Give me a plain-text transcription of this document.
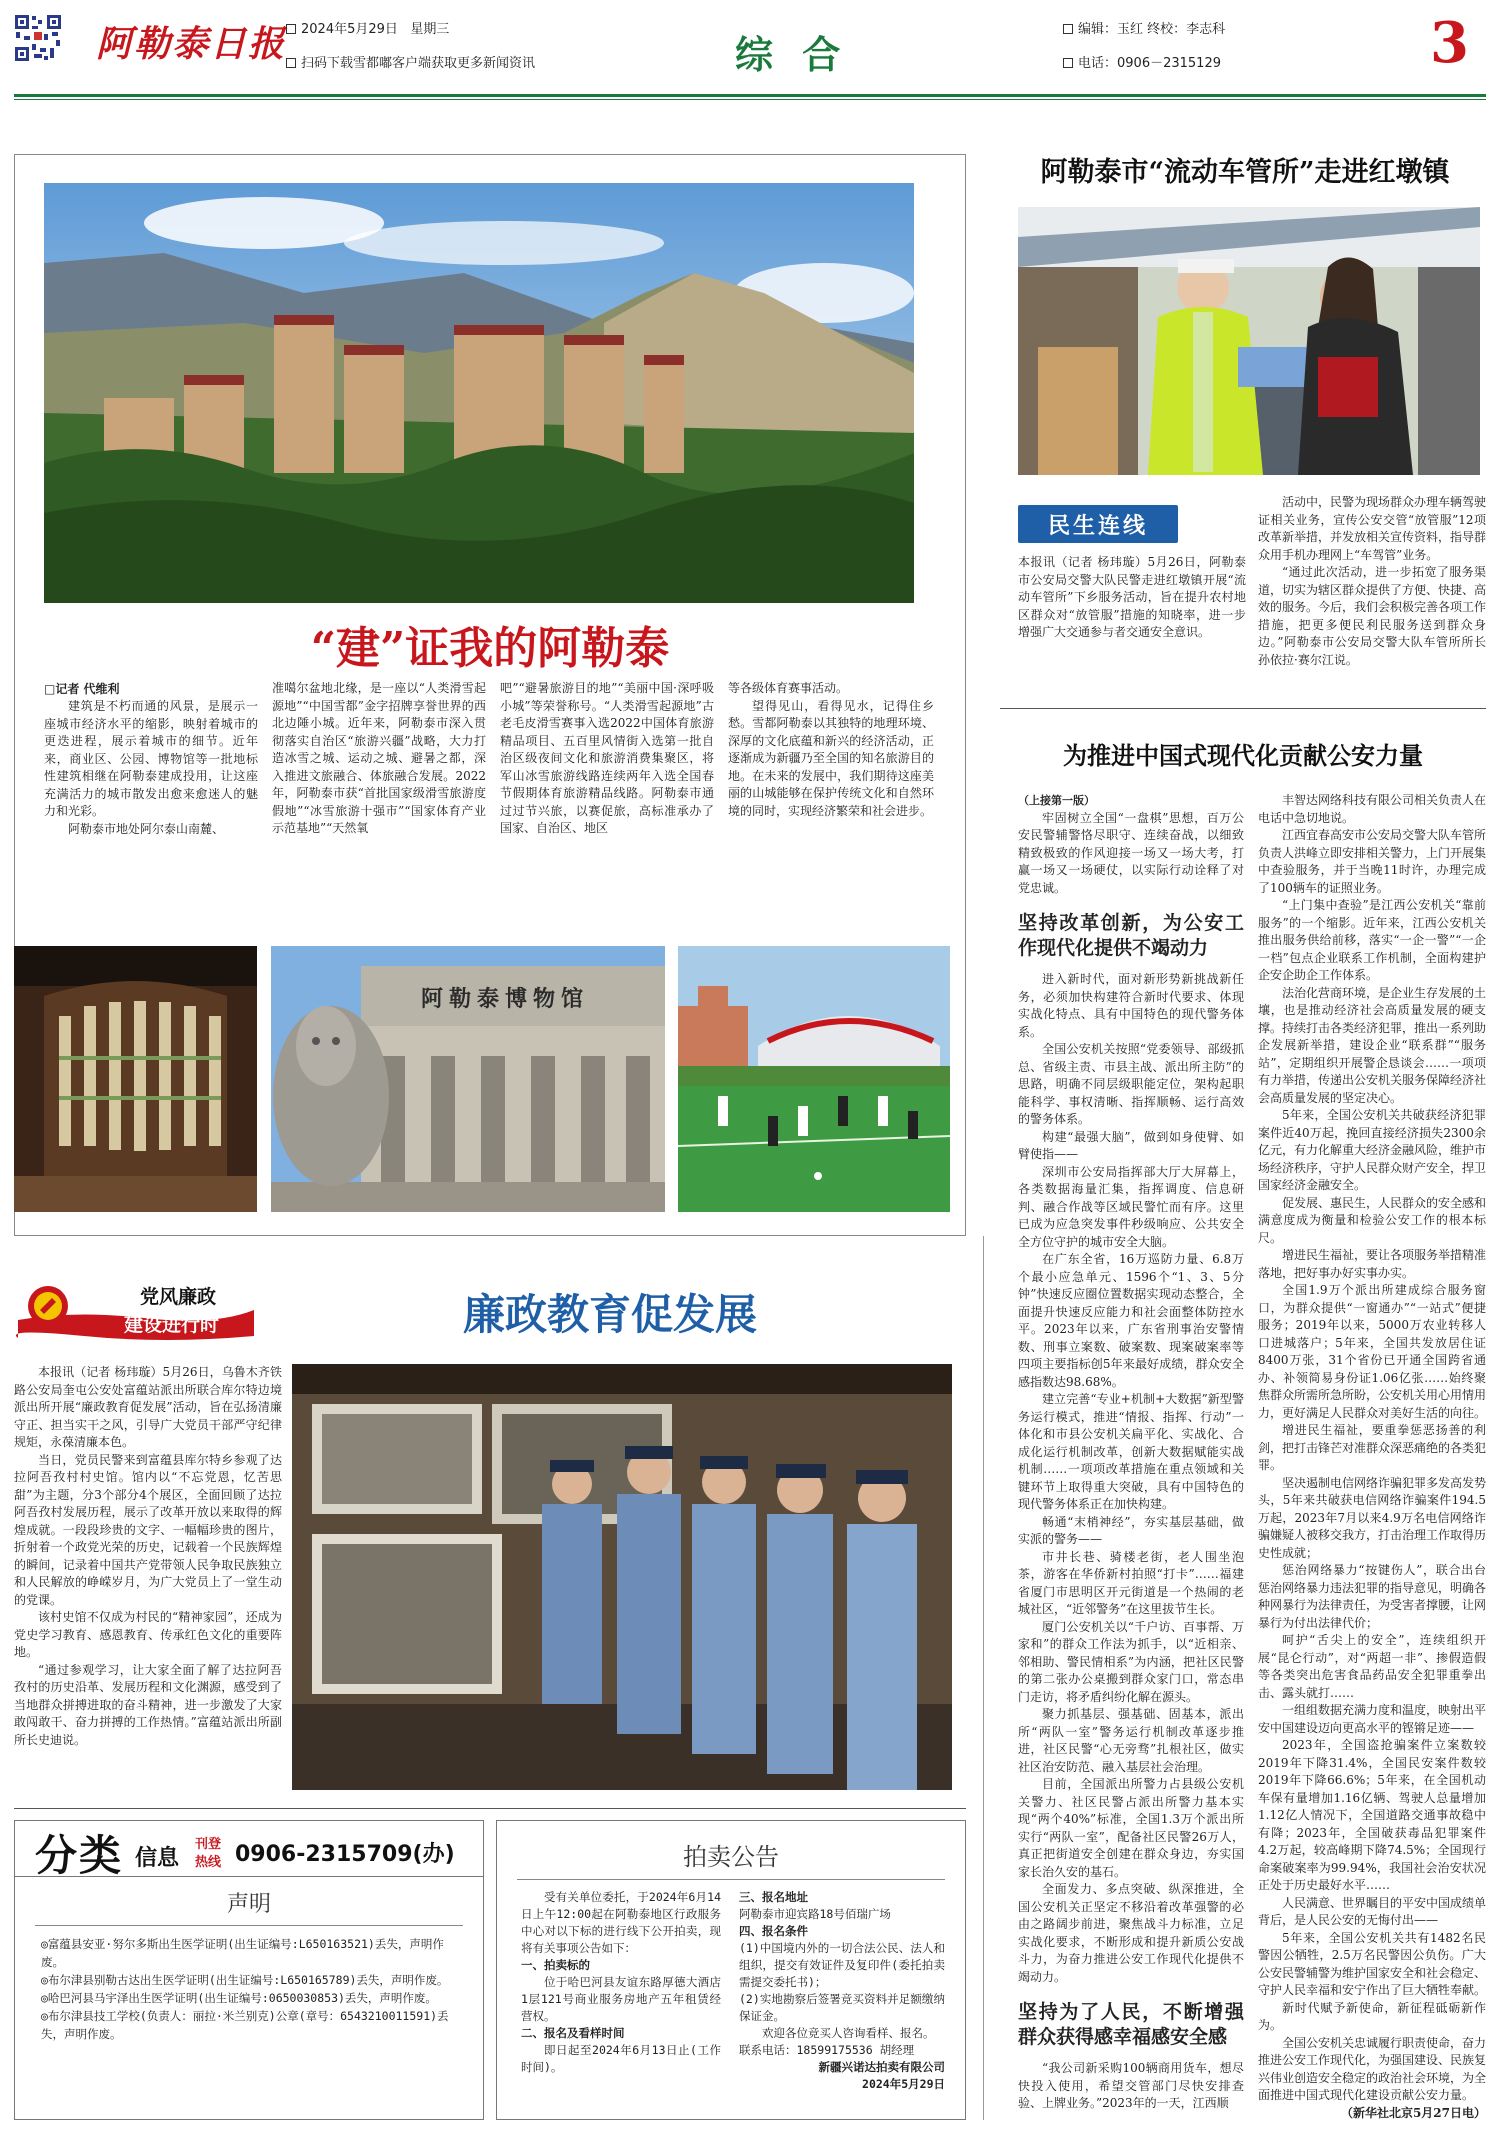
阿勒泰日报	2024年5月29日 星期三
扫码下载雪都嘟客户端获取更多新闻资讯	综 合
编辑：玉红 终校：李志科
电话：0906－2315129	3
“建”证我的阿勒泰
□记者 代维利

建筑是不朽而通的风景，是展示一座城市经济水平的缩影，映射着城市的更迭进程，展示着城市的细节。近年来，商业区、公园、博物馆等一批地标性建筑相继在阿勒泰建成投用，让这座充满活力的城市散发出愈来愈迷人的魅力和光彩。

阿勒泰市地处阿尔泰山南麓、

准噶尔盆地北缘，是一座以“人类滑雪起源地”“中国雪都”金字招牌享誉世界的西北边陲小城。近年来，阿勒泰市深入贯彻落实自治区“旅游兴疆”战略，大力打造冰雪之城、运动之城、避暑之都，深入推进文旅融合、体旅融合发展。2022年，阿勒泰市获“首批国家级滑雪旅游度假地”“冰雪旅游十强市”“国家体育产业示范基地”“天然氧
吧”“避暑旅游目的地”“美丽中国·深呼吸小城”等荣誉称号。“人类滑雪起源地”古老毛皮滑雪赛事入选2022中国体育旅游精品项目、五百里风情街入选第一批自治区级夜间文化和旅游消费集聚区，将军山冰雪旅游线路连续两年入选全国春节假期体育旅游精品线路。阿勒泰市通过过节兴旅，以赛促旅，高标准承办了国家、自治区、地区
等各级体育赛事活动。

望得见山，看得见水，记得住乡愁。雪都阿勒泰以其独特的地理环境、深厚的文化底蕴和新兴的经济活动，正逐渐成为新疆乃至全国的知名旅游目的地。在未来的发展中，我们期待这座美丽的山城能够在保护传统文化和自然环境的同时，实现经济繁荣和社会进步。

阿勒泰博物馆
阿勒泰市“流动车管所”走进红墩镇
民生连线
本报讯（记者 杨玮璇）5月26日，阿勒泰市公安局交警大队民警走进红墩镇开展“流动车管所”下乡服务活动，旨在提升农村地区群众对“放管服”措施的知晓率，进一步增强广大交通参与者交通安全意识。

活动中，民警为现场群众办理车辆驾驶证相关业务，宣传公安交管“放管服”12项改革新举措，并发放相关宣传资料，指导群众用手机办理网上“车驾管”业务。

“通过此次活动，进一步拓宽了服务渠道，切实为辖区群众提供了方便、快捷、高效的服务。今后，我们会积极完善各项工作措施，把更多便民利民服务送到群众身边。”阿勒泰市公安局交警大队车管所所长孙依拉·赛尔江说。

为推进中国式现代化贡献公安力量
（上接第一版）

牢固树立全国“一盘棋”思想，百万公安民警辅警恪尽职守、连续奋战，以细致精致极致的作风迎接一场又一场大考，打赢一场又一场硬仗，以实际行动诠释了对党忠诚。

坚持改革创新，为公安工作现代化提供不竭动力

进入新时代，面对新形势新挑战新任务，必须加快构建符合新时代要求、体现实战化特点、具有中国特色的现代警务体系。

全国公安机关按照“党委领导、部级抓总、省级主责、市县主战、派出所主防”的思路，明确不同层级职能定位，架构起职能科学、事权清晰、指挥顺畅、运行高效的警务体系。

构建“最强大脑”，做到如身使臂、如臂使指——

深圳市公安局指挥部大厅大屏幕上，各类数据海量汇集，指挥调度、信息研判、融合作战等区域民警忙而有序。这里已成为应急突发事件秒级响应、公共安全全方位守护的城市安全大脑。

在广东全省，16万巡防力量、6.8万个最小应急单元、1596个“1、3、5分钟”快速反应圈位置数据实现动态整合，全面提升快速反应能力和社会面整体防控水平。2023年以来，广东省刑事治安警情数、刑事立案数、破案数、现案破案率等四项主要指标创5年来最好成绩，群众安全感指数达98.68%。

建立完善“专业+机制+大数据”新型警务运行模式，推进“情报、指挥、行动”一体化和市县公安机关扁平化、实战化、合成化运行机制改革，创新大数据赋能实战机制……一项项改革措施在重点领域和关键环节上取得重大突破，具有中国特色的现代警务体系正在加快构建。

畅通“末梢神经”，夯实基层基础，做实派的警务——

市井长巷、骑楼老街，老人围坐泡茶，游客在华侨新村拍照“打卡”……福建省厦门市思明区开元街道是一个热闹的老城社区，“近邻警务”在这里拔节生长。

厦门公安机关以“千户访、百事帮、万家和”的群众工作法为抓手，以“近相亲、邻相助、警民情相系”为内涵，把社区民警的第二张办公桌搬到群众家门口，常态串门走访，将矛盾纠纷化解在源头。

聚力抓基层、强基础、固基本，派出所“两队一室”警务运行机制改革逐步推进，社区民警“心无旁骛”扎根社区，做实社区治安防范、融入基层社会治理。

目前，全国派出所警力占县级公安机关警力、社区民警占派出所警力基本实现“两个40%”标准，全国1.3万个派出所实行“两队一室”，配备社区民警26万人，真正把街道安全创建在群众身边，夯实国家长治久安的基石。

全面发力、多点突破、纵深推进，全国公安机关正坚定不移沿着改革强警的必由之路阔步前进，聚焦战斗力标准，立足实战化要求，不断形成和提升新质公安战斗力，为奋力推进公安工作现代化提供不竭动力。

坚持为了人民，不断增强群众获得感幸福感安全感

“我公司新采购100辆商用货车，想尽快投入使用，希望交管部门尽快安排查验、上牌业务。”2023年的一天，江西顺

丰智达网络科技有限公司相关负责人在电话中急切地说。

江西宜春高安市公安局交警大队车管所负责人洪峰立即安排相关警力，上门开展集中查验服务，并于当晚11时许，办理完成了100辆车的证照业务。

“上门集中查验”是江西公安机关“靠前服务”的一个缩影。近年来，江西公安机关推出服务供给前移，落实“一企一警”“一企一档”包点企业联系工作机制，全面构建护企安企助企工作体系。

法治化营商环境，是企业生存发展的土壤，也是推动经济社会高质量发展的硬支撑。持续打击各类经济犯罪，推出一系列助企发展新举措，建设企业“联系群”“服务站”，定期组织开展警企恳谈会……一项项有力举措，传递出公安机关服务保障经济社会高质量发展的坚定决心。

5年来，全国公安机关共破获经济犯罪案件近40万起，挽回直接经济损失2300余亿元，有力化解重大经济金融风险，维护市场经济秩序，守护人民群众财产安全，捍卫国家经济金融安全。

促发展、惠民生，人民群众的安全感和满意度成为衡量和检验公安工作的根本标尺。

增进民生福祉，要让各项服务举措精准落地，把好事办好实事办实。

全国1.9万个派出所建成综合服务窗口，为群众提供“一窗通办”“一站式”便捷服务；2019年以来，5000万农业转移人口进城落户；5年来，全国共发放居住证8400万张，31个省份已开通全国跨省通办、补领简易身份证1.06亿张……始终聚焦群众所需所急所盼，公安机关用心用情用力，更好满足人民群众对美好生活的向往。

增进民生福祉，要重拳惩恶扬善的利剑，把打击锋芒对准群众深恶痛绝的各类犯罪。

坚决遏制电信网络诈骗犯罪多发高发势头，5年来共破获电信网络诈骗案件194.5万起，2023年7月以来4.9万名电信网络诈骗嫌疑人被移交我方，打击治理工作取得历史性成就；

惩治网络暴力“按键伤人”，联合出台惩治网络暴力违法犯罪的指导意见，明确各种网暴行为法律责任，为受害者撑腰，让网暴行为付出法律代价；

呵护“舌尖上的安全”，连续组织开展“昆仑行动”，对“两超一非”、掺假造假等各类突出危害食品药品安全犯罪重拳出击、露头就打……

一组组数据充满力度和温度，映射出平安中国建设迈向更高水平的铿锵足迹——

2023年，全国盗抢骗案件立案数较2019年下降31.4%，全国民安案件数较2019年下降66.6%；5年来，在全国机动车保有量增加1.16亿辆、驾驶人总量增加1.12亿人情况下，全国道路交通事故稳中有降；2023年，全国破获毒品犯罪案件4.2万起，较高峰期下降74.5%；全国现行命案破案率为99.94%，我国社会治安状况正处于历史最好水平……

人民满意、世界瞩目的平安中国成绩单背后，是人民公安的无悔付出——

5年来，全国公安机关共有1482名民警因公牺牲，2.5万名民警因公负伤。广大公安民警辅警为维护国家安全和社会稳定、守护人民幸福和安宁作出了巨大牺牲奉献。

新时代赋予新使命，新征程砥砺新作为。

全国公安机关忠诚履行职责使命，奋力推进公安工作现代化，为强国建设、民族复兴伟业创造安全稳定的政治社会环境，为全面推进中国式现代化建设贡献公安力量。

（新华社北京5月27日电）
党风廉政
建设进行时	廉政教育促发展

本报讯（记者 杨玮璇）5月26日，乌鲁木齐铁路公安局奎屯公安处富蕴站派出所联合库尔特边境派出所开展“廉政教育促发展”活动，旨在弘扬清廉守正、担当实干之风，引导广大党员干部严守纪律规矩，永葆清廉本色。

当日，党员民警来到富蕴县库尔特乡参观了达拉阿吾孜村村史馆。馆内以“不忘党恩，忆苦思甜”为主题，分3个部分4个展区，全面回顾了达拉阿吾孜村发展历程，展示了改革开放以来取得的辉煌成就。一段段珍贵的文字、一幅幅珍贵的图片，折射着一个政党光荣的历史，记载着一个民族辉煌的瞬间，记录着中国共产党带领人民争取民族独立和人民解放的峥嵘岁月，为广大党员上了一堂生动的党课。

该村史馆不仅成为村民的“精神家园”，还成为党史学习教育、感恩教育、传承红色文化的重要阵地。

“通过参观学习，让大家全面了解了达拉阿吾孜村的历史沿革、发展历程和文化渊源，感受到了当地群众拼搏进取的奋斗精神，进一步激发了大家敢闯敢干、奋力拼搏的工作热情。”富蕴站派出所副所长史迪说。

分类 信息
刊登
热线 0906-2315709(办)
声明
◎富蕴县安亚·努尔多斯出生医学证明(出生证编号:L650163521)丢失，声明作废。
◎布尔津县别勒古达出生医学证明(出生证编号:L650165789)丢失，声明作废。
◎哈巴河县马宇泽出生医学证明(出生证编号:0650030853)丢失，声明作废。
◎布尔津县技工学校(负责人：丽拉·米兰别克)公章(章号：6543210011591)丢失，声明作废。
拍卖公告

受有关单位委托，于2024年6月14日上午12:00起在阿勒泰地区行政服务中心对以下标的进行线下公开拍卖，现将有关事项公告如下：

一、拍卖标的

位于哈巴河县友谊东路厚德大酒店1层121号商业服务房地产五年租赁经营权。

二、报名及看样时间

即日起至2024年6月13日止(工作时间)。

三、报名地址
阿勒泰市迎宾路18号佰瑞广场
四、报名条件
(1)中国境内外的一切合法公民、法人和组织，提交有效证件及复印件(委托拍卖需提交委托书)；
(2)实地勘察后签署竞买资料并足额缴纳保证金。
欢迎各位竞买人咨询看样、报名。
联系电话：18599175536 胡经理
新疆兴诺达拍卖有限公司
2024年5月29日
